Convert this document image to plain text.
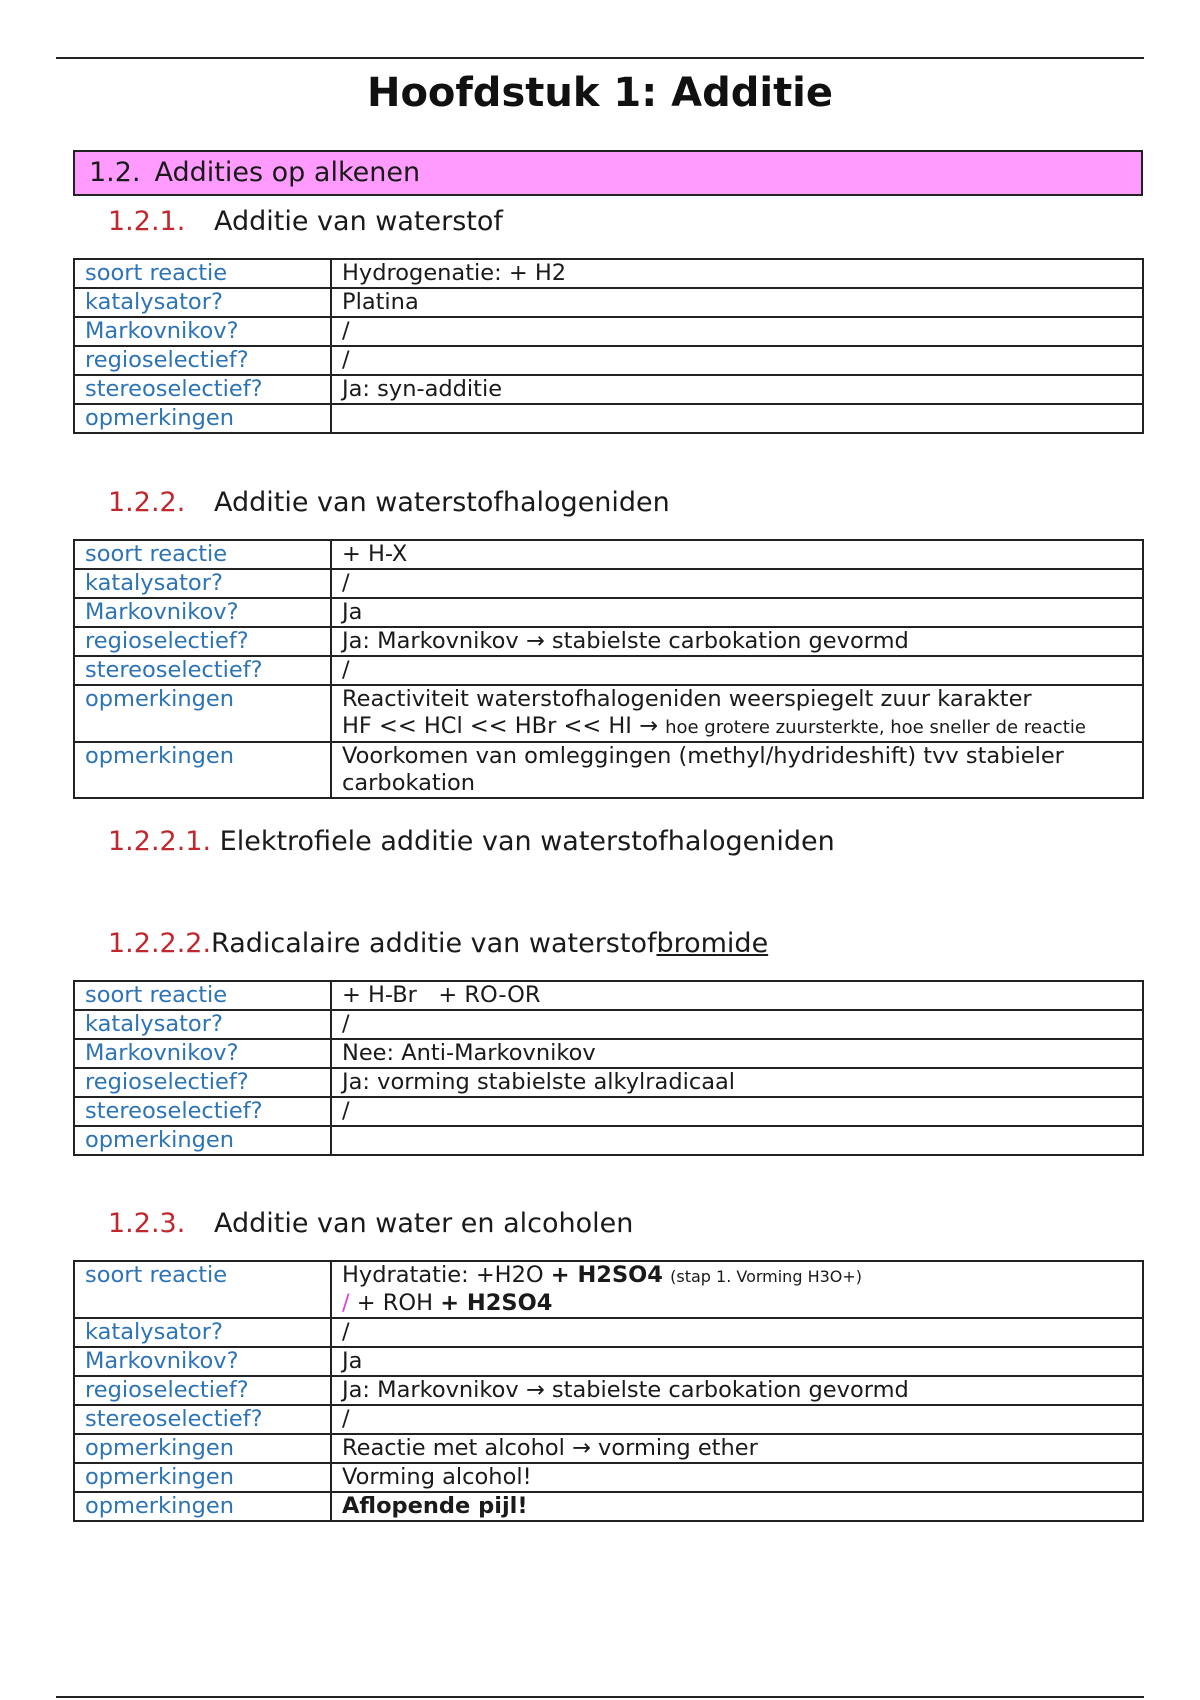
Hoofdstuk 1: Additie
1.2. Addities op alkenen
1.2.1. Additie van waterstof
soort reactie	Hydrogenatie: + H2
katalysator?	Platina
Markovnikov?	/
regioselectief?	/
stereoselectief?	Ja: syn-additie
opmerkingen	
1.2.2. Additie van waterstofhalogeniden
soort reactie	+ H-X
katalysator?	/
Markovnikov?	Ja
regioselectief?	Ja: Markovnikov → stabielste carbokation gevormd
stereoselectief?	/
opmerkingen	Reactiviteit waterstofhalogeniden weerspiegelt zuur karakter
HF << HCl << HBr << HI → hoe grotere zuursterkte, hoe sneller de reactie

opmerkingen	Voorkomen van omleggingen (methyl/hydrideshift) tvv stabieler carbokation
1.2.2.1. Elektrofiele additie van waterstofhalogeniden
1.2.2.2.Radicalaire additie van waterstofbromide
soort reactie	+ H-Br   + RO-OR
katalysator?	/
Markovnikov?	Nee: Anti-Markovnikov
regioselectief?	Ja: vorming stabielste alkylradicaal
stereoselectief?	/
opmerkingen	
1.2.3. Additie van water en alcoholen
soort reactie	Hydratatie: +H2O + H2SO4 (stap 1. Vorming H3O+)
/ + ROH + H2SO4

katalysator?	/
Markovnikov?	Ja
regioselectief?	Ja: Markovnikov → stabielste carbokation gevormd
stereoselectief?	/
opmerkingen	Reactie met alcohol → vorming ether
opmerkingen	Vorming alcohol!
opmerkingen	Aflopende pijl!
